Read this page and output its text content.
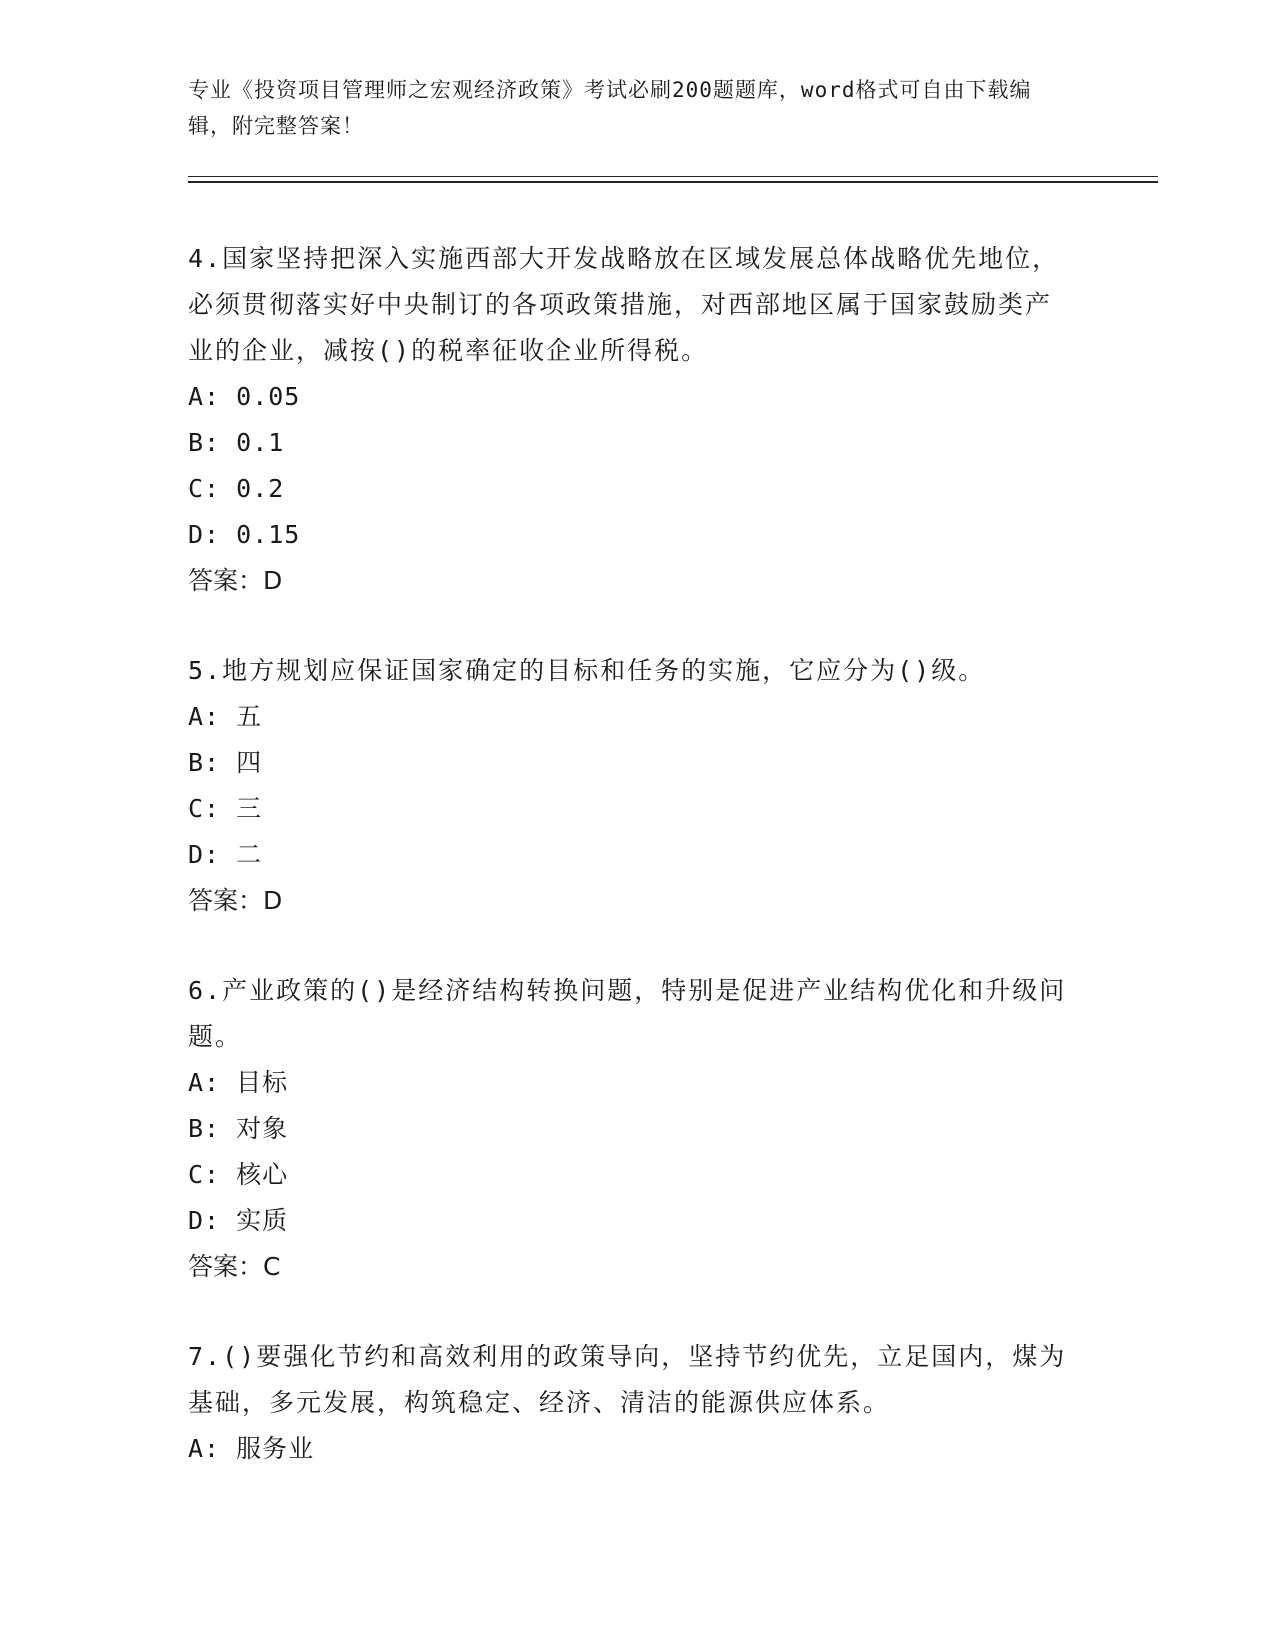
专业《投资项目管理师之宏观经济政策》考试必刷200题题库，word格式可自由下载编辑，附完整答案！

4.国家坚持把深入实施西部大开发战略放在区域发展总体战略优先地位，必须贯彻落实好中央制订的各项政策措施，对西部地区属于国家鼓励类产业的企业，减按()的税率征收企业所得税。

A: 0.05

B: 0.1

C: 0.2

D: 0.15

答案：D

5.地方规划应保证国家确定的目标和任务的实施，它应分为()级。

A: 五

B: 四

C: 三

D: 二

答案：D

6.产业政策的()是经济结构转换问题，特别是促进产业结构优化和升级问题。

A: 目标

B: 对象

C: 核心

D: 实质

答案：C

7.()要强化节约和高效利用的政策导向，坚持节约优先，立足国内，煤为基础，多元发展，构筑稳定、经济、清洁的能源供应体系。

A: 服务业
